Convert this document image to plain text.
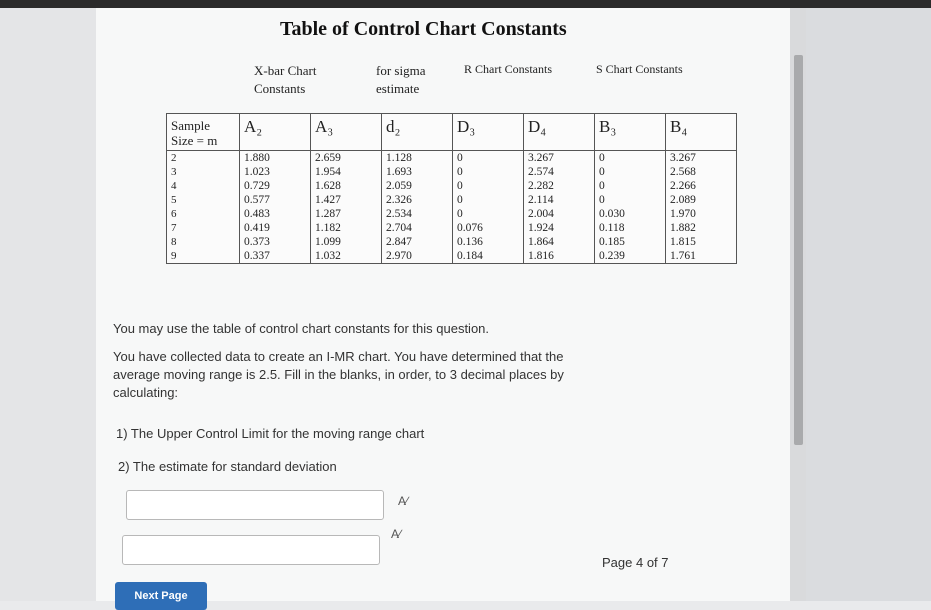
Table of Control Chart Constants
X-bar Chart
Constants
for sigma
estimate
R Chart Constants	S Chart Constants
Sample
Size = m	A₂	A₃	d₂	D₃	D₄	B₃	B₄
2	1.880	2.659	1.128	0	3.267	0	3.267
3	1.023	1.954	1.693	0	2.574	0	2.568
4	0.729	1.628	2.059	0	2.282	0	2.266
5	0.577	1.427	2.326	0	2.114	0	2.089
6	0.483	1.287	2.534	0	2.004	0.030	1.970
7	0.419	1.182	2.704	0.076	1.924	0.118	1.882
8	0.373	1.099	2.847	0.136	1.864	0.185	1.815
9	0.337	1.032	2.970	0.184	1.816	0.239	1.761
You may use the table of control chart constants for this question.
You have collected data to create an I-MR chart. You have determined that the
average moving range is 2.5. Fill in the blanks, in order, to 3 decimal places by
calculating:
1) The Upper Control Limit for the moving range chart
2) The estimate for standard deviation
A∕
A∕
Page 4 of 7
Next Page
